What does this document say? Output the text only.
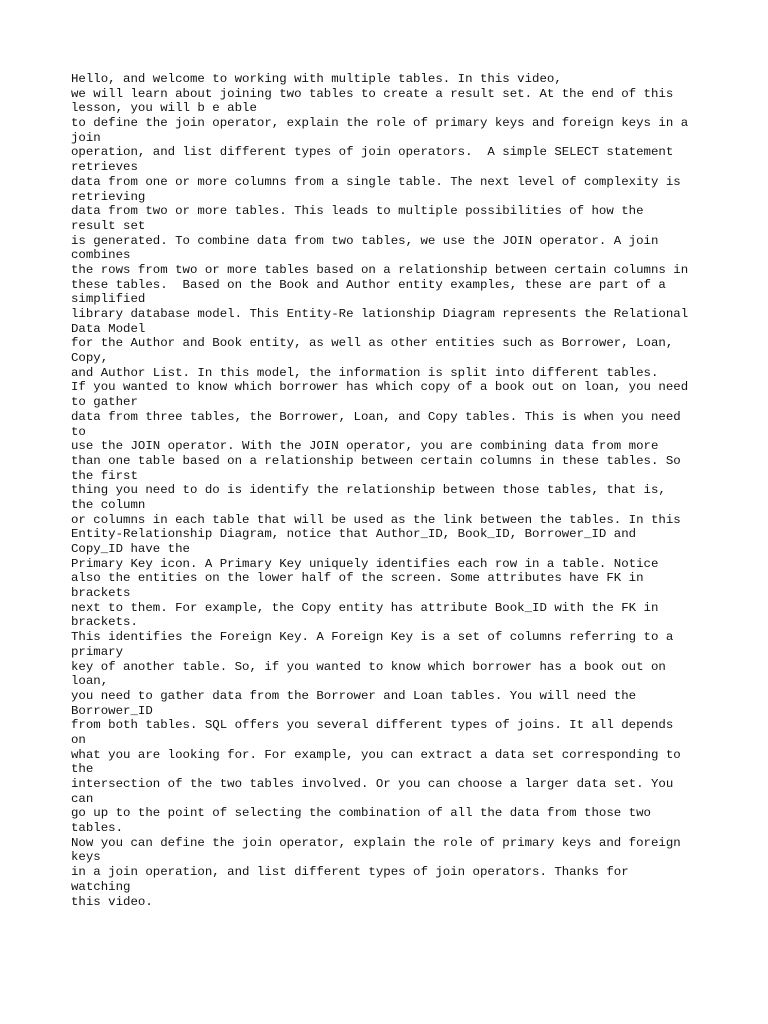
Hello, and welcome to working with multiple tables. In this video,
we will learn about joining two tables to create a result set. At the end of this
lesson, you will b e able
to define the join operator, explain the role of primary keys and foreign keys in a
join
operation, and list different types of join operators.  A simple SELECT statement
retrieves
data from one or more columns from a single table. The next level of complexity is
retrieving
data from two or more tables. This leads to multiple possibilities of how the
result set
is generated. To combine data from two tables, we use the JOIN operator. A join
combines
the rows from two or more tables based on a relationship between certain columns in
these tables.  Based on the Book and Author entity examples, these are part of a
simplified
library database model. This Entity-Re lationship Diagram represents the Relational
Data Model
for the Author and Book entity, as well as other entities such as Borrower, Loan,
Copy,
and Author List. In this model, the information is split into different tables.
If you wanted to know which borrower has which copy of a book out on loan, you need
to gather
data from three tables, the Borrower, Loan, and Copy tables. This is when you need
to
use the JOIN operator. With the JOIN operator, you are combining data from more
than one table based on a relationship between certain columns in these tables. So
the first
thing you need to do is identify the relationship between those tables, that is,
the column
or columns in each table that will be used as the link between the tables. In this
Entity-Relationship Diagram, notice that Author_ID, Book_ID, Borrower_ID and
Copy_ID have the
Primary Key icon. A Primary Key uniquely identifies each row in a table. Notice
also the entities on the lower half of the screen. Some attributes have FK in
brackets
next to them. For example, the Copy entity has attribute Book_ID with the FK in
brackets.
This identifies the Foreign Key. A Foreign Key is a set of columns referring to a
primary
key of another table. So, if you wanted to know which borrower has a book out on
loan,
you need to gather data from the Borrower and Loan tables. You will need the
Borrower_ID
from both tables. SQL offers you several different types of joins. It all depends
on
what you are looking for. For example, you can extract a data set corresponding to
the
intersection of the two tables involved. Or you can choose a larger data set. You
can
go up to the point of selecting the combination of all the data from those two
tables.
Now you can define the join operator, explain the role of primary keys and foreign
keys
in a join operation, and list different types of join operators. Thanks for
watching
this video.
